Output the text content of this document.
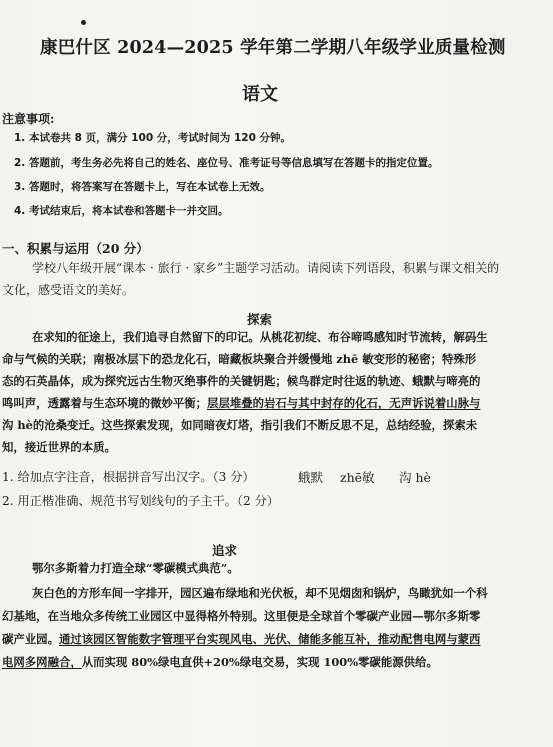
康巴什区 2024—2025 学年第二学期八年级学业质量检测
语文
注意事项:
1. 本试卷共 8 页，满分 100 分，考试时间为 120 分钟。
2. 答题前，考生务必先将自己的姓名、座位号、准考证号等信息填写在答题卡的指定位置。
3. 答题时，将答案写在答题卡上，写在本试卷上无效。
4. 考试结束后，将本试卷和答题卡一并交回。
一、积累与运用（20 分）
学校八年级开展“课本 · 旅行 · 家乡”主题学习活动。请阅读下列语段，积累与课文相关的
文化，感受语文的美好。
探索
在求知的征途上，我们追寻自然留下的印记。从桃花初绽、布谷啼鸣感知时节流转，解码生
命与气候的关联；南极冰层下的恐龙化石，暗藏板块聚合并缓慢地 zhē 敏变形的秘密；特殊形
态的石英晶体，成为探究远古生物灭绝事件的关键钥匙；候鸟群定时往返的轨迹、蛾默与啼亮的
鸣叫声，透露着与生态环境的微妙平衡；层层堆叠的岩石与其中封存的化石，无声诉说着山脉与
沟 hè的沧桑变迁。这些探索发现，如同暗夜灯塔，指引我们不断反思不足，总结经验，探索未
知，接近世界的本质。
1. 给加点字注音，根据拼音写出汉字。（3 分）	蛾默 zhē敏 沟 hè
2. 用正楷准确、规范书写划线句的子主干。（2 分）
追求
鄂尔多斯着力打造全球“零碳模式典范”。
灰白色的方形车间一字排开，园区遍布绿地和光伏板，却不见烟囱和锅炉，鸟瞰犹如一个科
幻基地，在当地众多传统工业园区中显得格外特别。这里便是全球首个零碳产业园—鄂尔多斯零
碳产业园。通过该园区智能数字管理平台实现风电、光伏、储能多能互补，推动配售电网与蒙西
电网多网融合，从而实现 80%绿电直供+20%绿电交易，实现 100%零碳能源供给。
